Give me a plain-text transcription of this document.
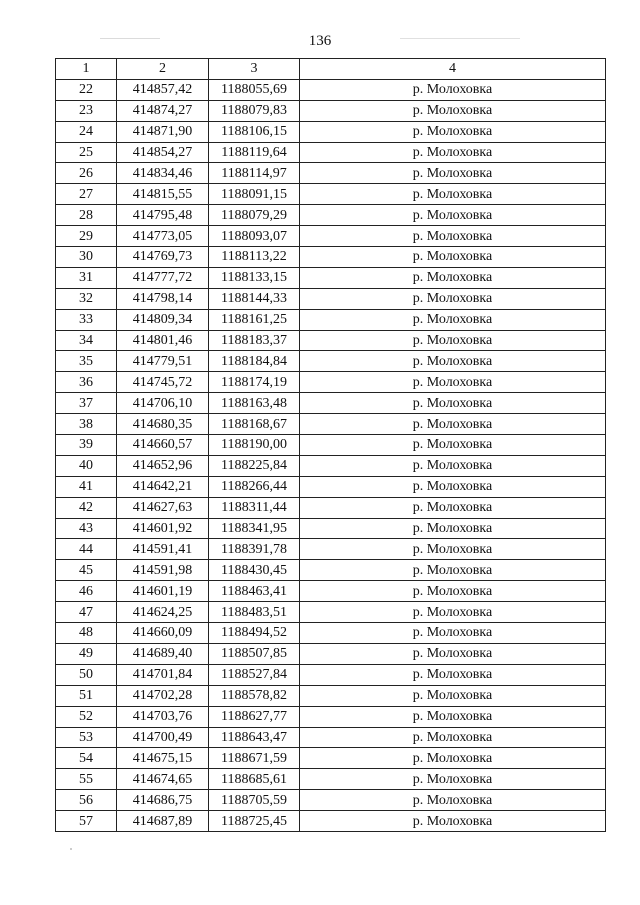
136
1	2	3	4
22	414857,42	1188055,69	р. Молоховка
23	414874,27	1188079,83	р. Молоховка
24	414871,90	1188106,15	р. Молоховка
25	414854,27	1188119,64	р. Молоховка
26	414834,46	1188114,97	р. Молоховка
27	414815,55	1188091,15	р. Молоховка
28	414795,48	1188079,29	р. Молоховка
29	414773,05	1188093,07	р. Молоховка
30	414769,73	1188113,22	р. Молоховка
31	414777,72	1188133,15	р. Молоховка
32	414798,14	1188144,33	р. Молоховка
33	414809,34	1188161,25	р. Молоховка
34	414801,46	1188183,37	р. Молоховка
35	414779,51	1188184,84	р. Молоховка
36	414745,72	1188174,19	р. Молоховка
37	414706,10	1188163,48	р. Молоховка
38	414680,35	1188168,67	р. Молоховка
39	414660,57	1188190,00	р. Молоховка
40	414652,96	1188225,84	р. Молоховка
41	414642,21	1188266,44	р. Молоховка
42	414627,63	1188311,44	р. Молоховка
43	414601,92	1188341,95	р. Молоховка
44	414591,41	1188391,78	р. Молоховка
45	414591,98	1188430,45	р. Молоховка
46	414601,19	1188463,41	р. Молоховка
47	414624,25	1188483,51	р. Молоховка
48	414660,09	1188494,52	р. Молоховка
49	414689,40	1188507,85	р. Молоховка
50	414701,84	1188527,84	р. Молоховка
51	414702,28	1188578,82	р. Молоховка
52	414703,76	1188627,77	р. Молоховка
53	414700,49	1188643,47	р. Молоховка
54	414675,15	1188671,59	р. Молоховка
55	414674,65	1188685,61	р. Молоховка
56	414686,75	1188705,59	р. Молоховка
57	414687,89	1188725,45	р. Молоховка
